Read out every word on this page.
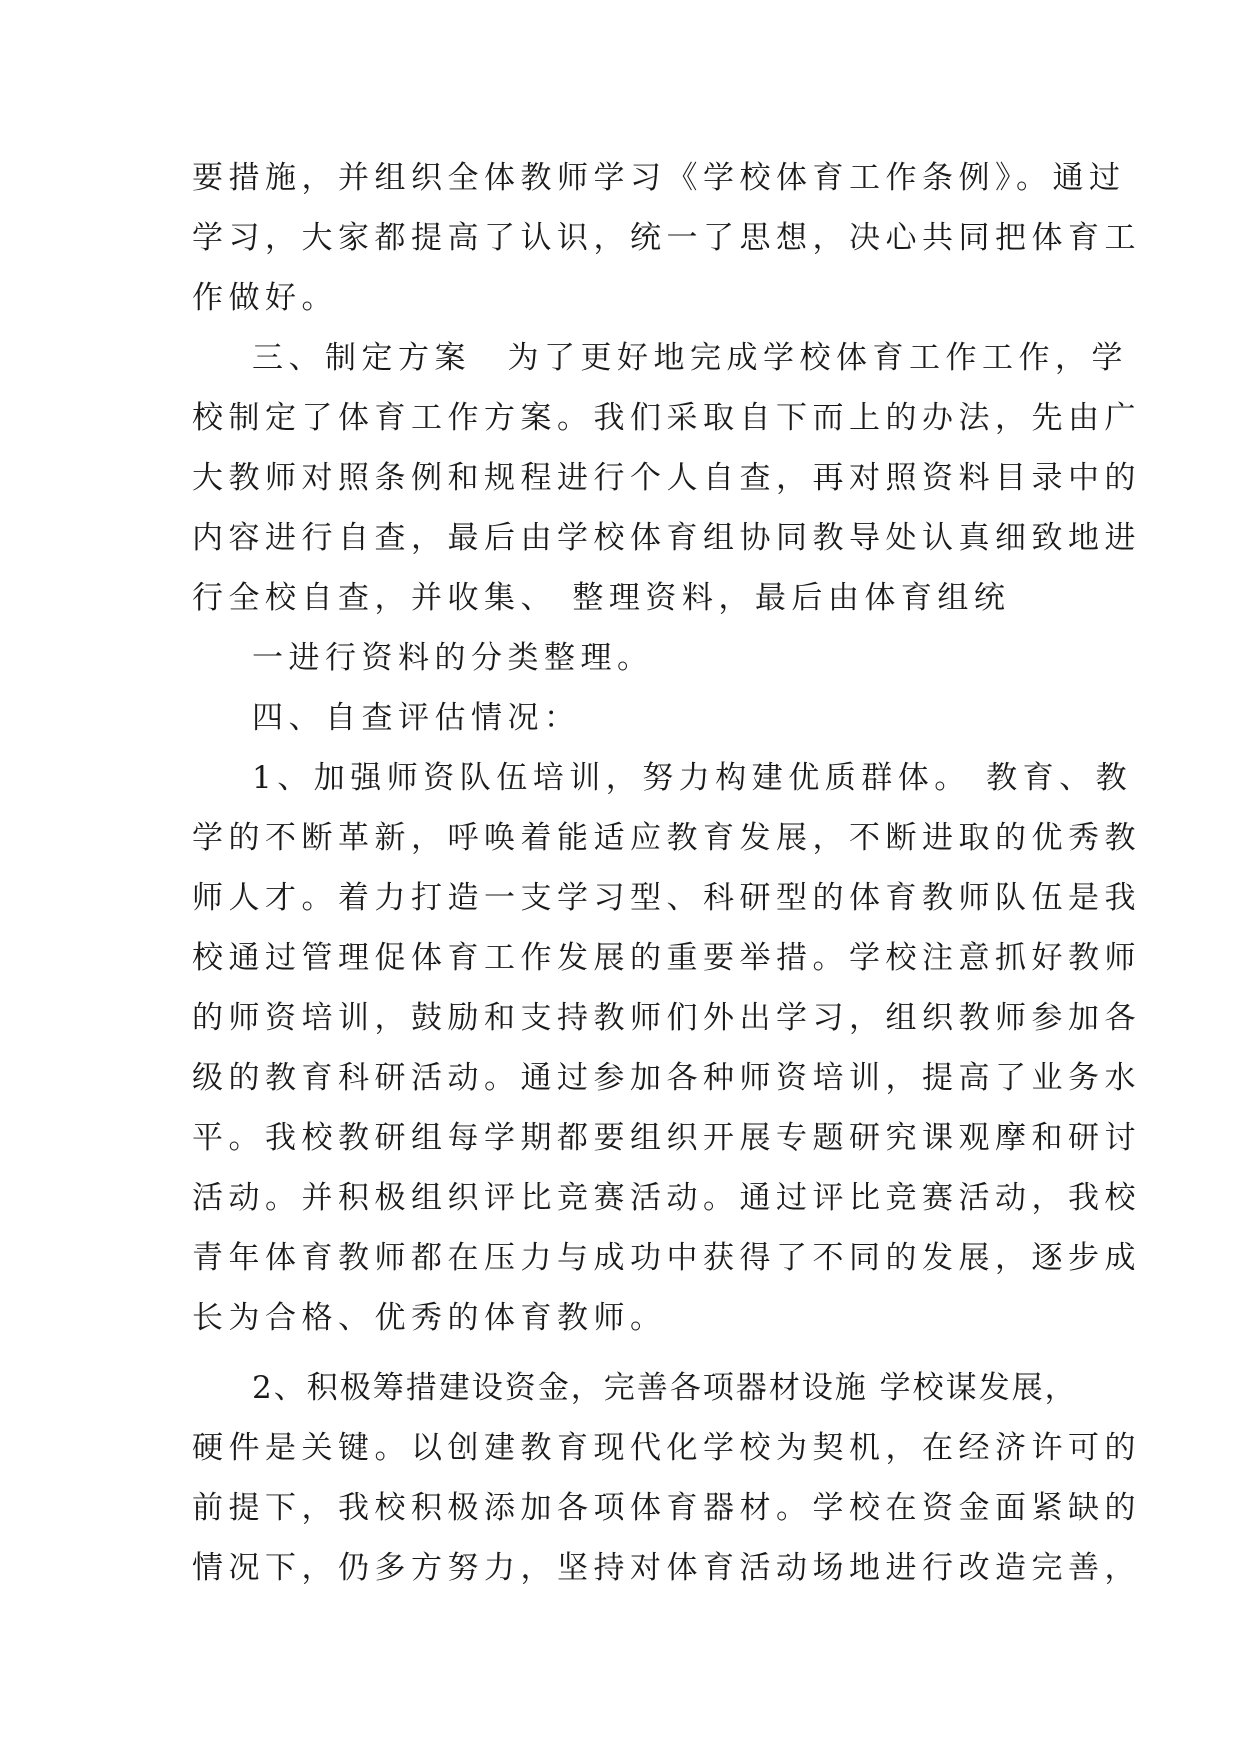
要措施，并组织全体教师学习《学校体育工作条例》。通过
学习，大家都提高了认识，统一了思想，决心共同把体育工
作做好。
三、制定方案　为了更好地完成学校体育工作工作，学
校制定了体育工作方案。我们采取自下而上的办法，先由广
大教师对照条例和规程进行个人自查，再对照资料目录中的
内容进行自查，最后由学校体育组协同教导处认真细致地进
行全校自查，并收集、 整理资料，最后由体育组统
一进行资料的分类整理。
四、自查评估情况：
1、加强师资队伍培训，努力构建优质群体。 教育、教
学的不断革新，呼唤着能适应教育发展，不断进取的优秀教
师人才。着力打造一支学习型、科研型的体育教师队伍是我
校通过管理促体育工作发展的重要举措。学校注意抓好教师
的师资培训，鼓励和支持教师们外出学习，组织教师参加各
级的教育科研活动。通过参加各种师资培训，提高了业务水
平。我校教研组每学期都要组织开展专题研究课观摩和研讨
活动。并积极组织评比竞赛活动。通过评比竞赛活动，我校
青年体育教师都在压力与成功中获得了不同的发展，逐步成
长为合格、优秀的体育教师。
2、积极筹措建设资金，完善各项器材设施 学校谋发展，
硬件是关键。以创建教育现代化学校为契机，在经济许可的
前提下，我校积极添加各项体育器材。学校在资金面紧缺的
情况下，仍多方努力，坚持对体育活动场地进行改造完善，
